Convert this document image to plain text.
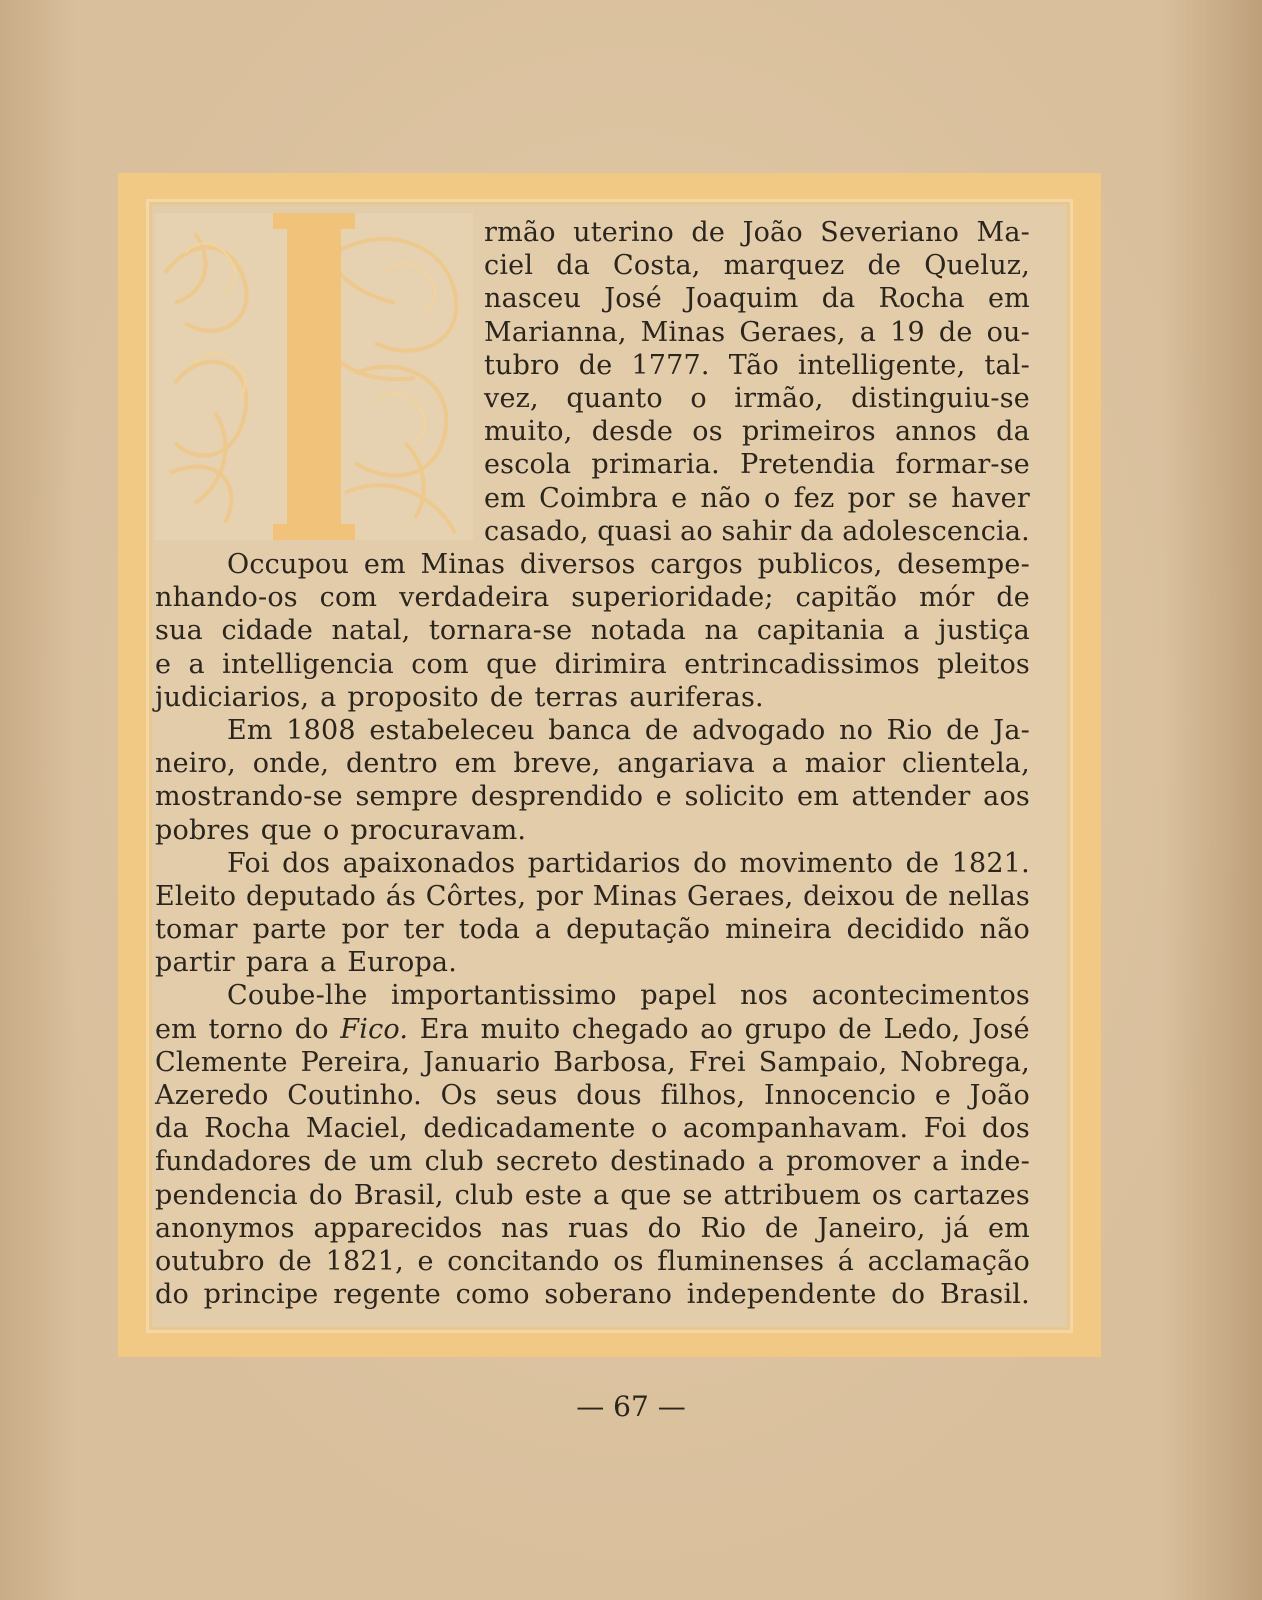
I
rmão uterino de João Severiano Ma-
ciel da Costa, marquez de Queluz,
nasceu José Joaquim da Rocha em
Marianna, Minas Geraes, a 19 de ou-
tubro de 1777. Tão intelligente, tal-
vez, quanto o irmão, distinguiu-se
muito, desde os primeiros annos da
escola primaria. Pretendia formar-se
em Coimbra e não o fez por se haver
casado, quasi ao sahir da adolescencia.
Occupou em Minas diversos cargos publicos, desempe-
nhando-os com verdadeira superioridade; capitão mór de
sua cidade natal, tornara-se notada na capitania a justiça
e a intelligencia com que dirimira entrincadissimos pleitos
judiciarios, a proposito de terras auriferas.
Em 1808 estabeleceu banca de advogado no Rio de Ja-
neiro, onde, dentro em breve, angariava a maior clientela,
mostrando-se sempre desprendido e solicito em attender aos
pobres que o procuravam.
Foi dos apaixonados partidarios do movimento de 1821.
Eleito deputado ás Côrtes, por Minas Geraes, deixou de nellas
tomar parte por ter toda a deputação mineira decidido não
partir para a Europa.
Coube-lhe importantissimo papel nos acontecimentos
em torno do Fico. Era muito chegado ao grupo de Ledo, José
Clemente Pereira, Januario Barbosa, Frei Sampaio, Nobrega,
Azeredo Coutinho. Os seus dous filhos, Innocencio e João
da Rocha Maciel, dedicadamente o acompanhavam. Foi dos
fundadores de um club secreto destinado a promover a inde-
pendencia do Brasil, club este a que se attribuem os cartazes
anonymos apparecidos nas ruas do Rio de Janeiro, já em
outubro de 1821, e concitando os fluminenses á acclamação
do principe regente como soberano independente do Brasil.
— 67 —
